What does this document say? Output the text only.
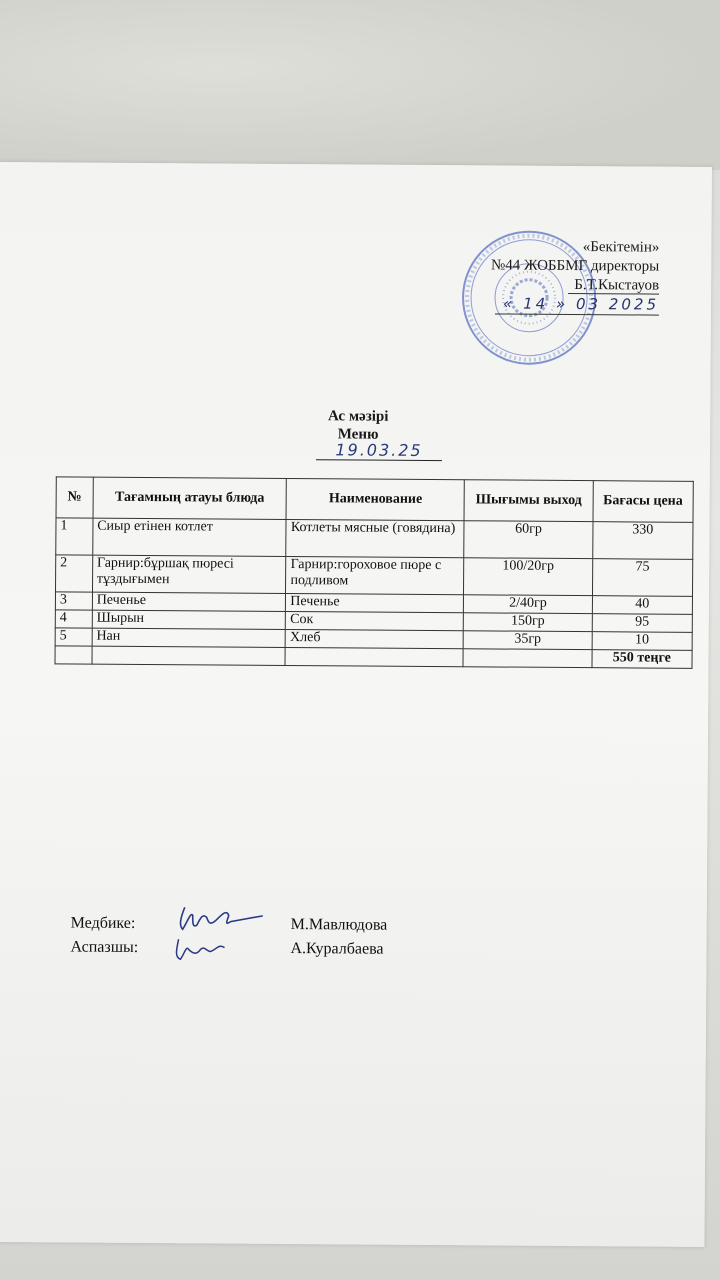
«Бекітемін»
№44 ЖОББМГ директоры
Б.Т.Кыстауов
« 14 » 03 2025
Ас мәзірі
Меню
19.03.25
№	Тағамның атауы блюда	Наименование	Шығымы выход	Бағасы цена
1	Сиыр етінен котлет	Котлеты мясные (говядина)	60гр	330
2	Гарнир:бұршақ пюресі тұздығымен	Гарнир:гороховое пюре с подливом	100/20гр	75
3	Печенье	Печенье	2/40гр	40
4	Шырын	Сок	150гр	95
5	Нан	Хлеб	35гр	10
				550 теңге
Медбике:	М.Мавлюдова
Аспазшы:	А.Куралбаева
